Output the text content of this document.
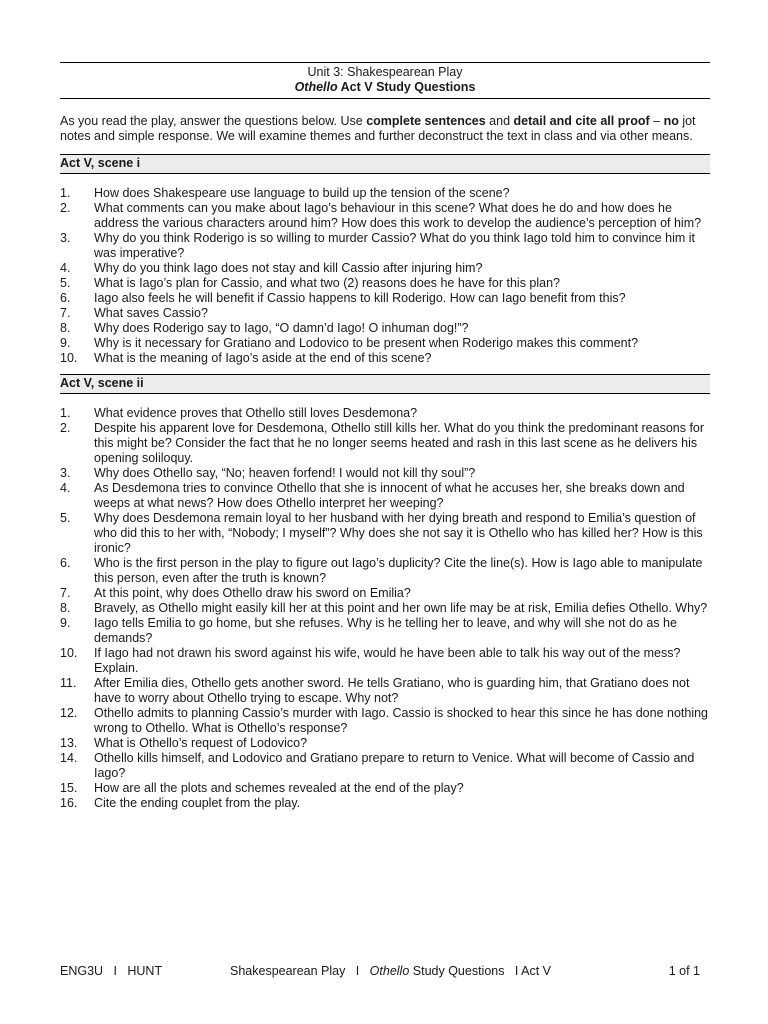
Unit 3: Shakespearean Play
Othello Act V Study Questions
As you read the play, answer the questions below. Use complete sentences and detail and cite all proof – no jot notes and simple response. We will examine themes and further deconstruct the text in class and via other means.
Act V, scene i
1.	How does Shakespeare use language to build up the tension of the scene?
2.	What comments can you make about Iago’s behaviour in this scene? What does he do and how does he address the various characters around him? How does this work to develop the audience’s perception of him?
3.	Why do you think Roderigo is so willing to murder Cassio? What do you think Iago told him to convince him it was imperative?
4.	Why do you think Iago does not stay and kill Cassio after injuring him?
5.	What is Iago’s plan for Cassio, and what two (2) reasons does he have for this plan?
6.	Iago also feels he will benefit if Cassio happens to kill Roderigo. How can Iago benefit from this?
7.	What saves Cassio?
8.	Why does Roderigo say to Iago, “O damn’d Iago! O inhuman dog!”?
9.	Why is it necessary for Gratiano and Lodovico to be present when Roderigo makes this comment?
10.	What is the meaning of Iago’s aside at the end of this scene?
Act V, scene ii
1.	What evidence proves that Othello still loves Desdemona?
2.	Despite his apparent love for Desdemona, Othello still kills her. What do you think the predominant reasons for this might be? Consider the fact that he no longer seems heated and rash in this last scene as he delivers his opening soliloquy.
3.	Why does Othello say, “No; heaven forfend! I would not kill thy soul”?
4.	As Desdemona tries to convince Othello that she is innocent of what he accuses her, she breaks down and weeps at what news? How does Othello interpret her weeping?
5.	Why does Desdemona remain loyal to her husband with her dying breath and respond to Emilia’s question of who did this to her with, “Nobody; I myself”? Why does she not say it is Othello who has killed her? How is this ironic?
6.	Who is the first person in the play to figure out Iago’s duplicity? Cite the line(s). How is Iago able to manipulate this person, even after the truth is known?
7.	At this point, why does Othello draw his sword on Emilia?
8.	Bravely, as Othello might easily kill her at this point and her own life may be at risk, Emilia defies Othello. Why?
9.	Iago tells Emilia to go home, but she refuses. Why is he telling her to leave, and why will she not do as he demands?
10.	If Iago had not drawn his sword against his wife, would he have been able to talk his way out of the mess? Explain.
11.	After Emilia dies, Othello gets another sword. He tells Gratiano, who is guarding him, that Gratiano does not have to worry about Othello trying to escape. Why not?
12.	Othello admits to planning Cassio’s murder with Iago. Cassio is shocked to hear this since he has done nothing wrong to Othello. What is Othello’s response?
13.	What is Othello’s request of Lodovico?
14.	Othello kills himself, and Lodovico and Gratiano prepare to return to Venice. What will become of Cassio and Iago?
15.	How are all the plots and schemes revealed at the end of the play?
16.	Cite the ending couplet from the play.
ENG3U   I   HUNT	Shakespearean Play   I   Othello Study Questions   I Act V	1 of 1
